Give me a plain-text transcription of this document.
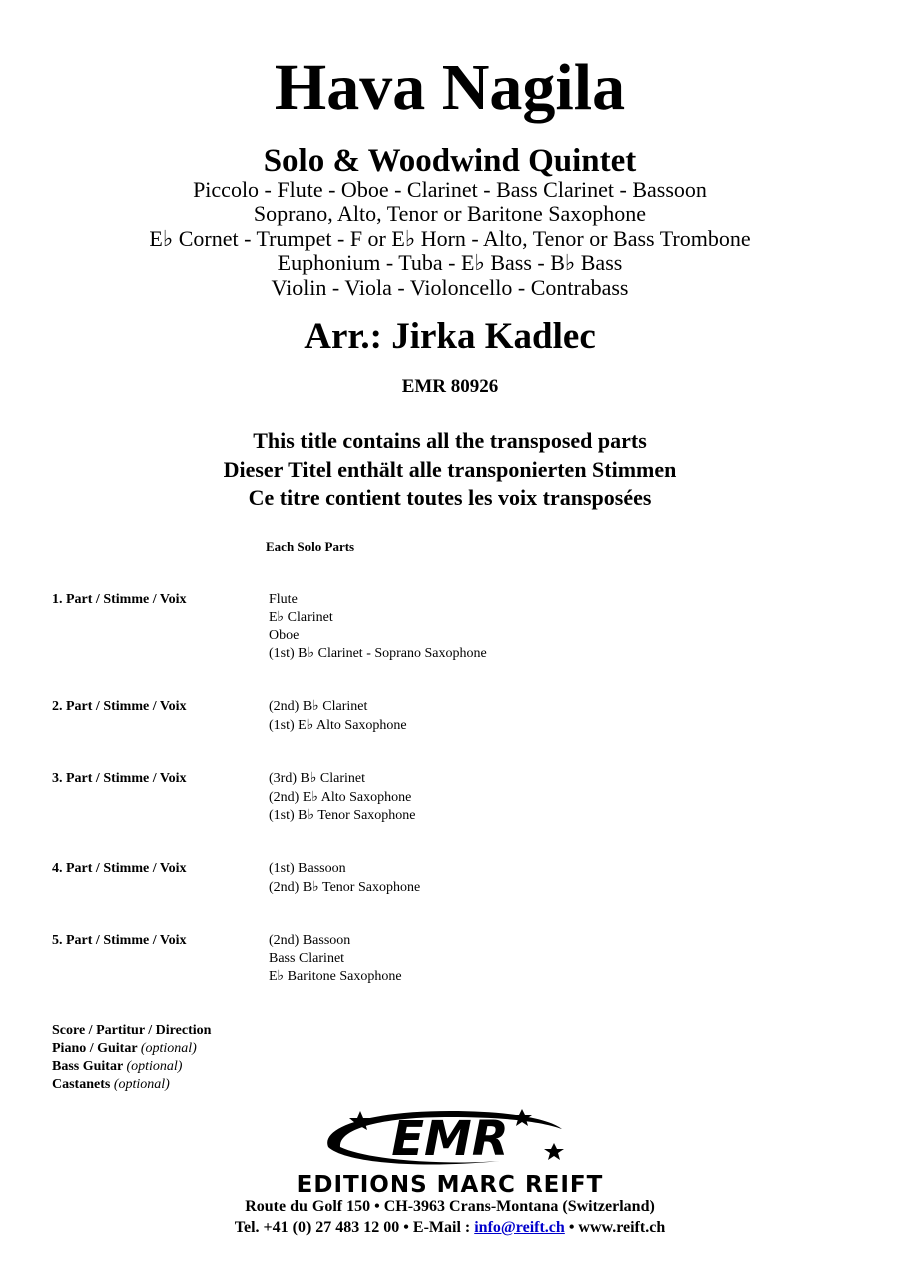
Hava Nagila
Solo & Woodwind Quintet
Piccolo - Flute - Oboe - Clarinet - Bass Clarinet - Bassoon
Soprano, Alto, Tenor or Baritone Saxophone
E♭ Cornet - Trumpet - F or E♭ Horn - Alto, Tenor or Bass Trombone
Euphonium - Tuba - E♭ Bass - B♭ Bass
Violin - Viola - Violoncello - Contrabass
Arr.: Jirka Kadlec
EMR 80926
This title contains all the transposed parts
Dieser Titel enthält alle transponierten Stimmen
Ce titre contient toutes les voix transposées
Each Solo Parts
1. Part / Stimme / Voix	Flute
E♭ Clarinet
Oboe
(1st) B♭ Clarinet - Soprano Saxophone
2. Part / Stimme / Voix	(2nd) B♭ Clarinet
(1st) E♭ Alto Saxophone
3. Part / Stimme / Voix	(3rd) B♭ Clarinet
(2nd) E♭ Alto Saxophone
(1st) B♭ Tenor Saxophone
4. Part / Stimme / Voix	(1st) Bassoon
(2nd) B♭ Tenor Saxophone
5. Part / Stimme / Voix	(2nd) Bassoon
Bass Clarinet
E♭ Baritone Saxophone
Score / Partitur / Direction
Piano / Guitar (optional)
Bass Guitar (optional)
Castanets (optional)
EMR
EDITIONS MARC REIFT
Route du Golf 150 • CH-3963 Crans-Montana (Switzerland)
Tel. +41 (0) 27 483 12 00 • E-Mail : info@reift.ch • www.reift.ch
